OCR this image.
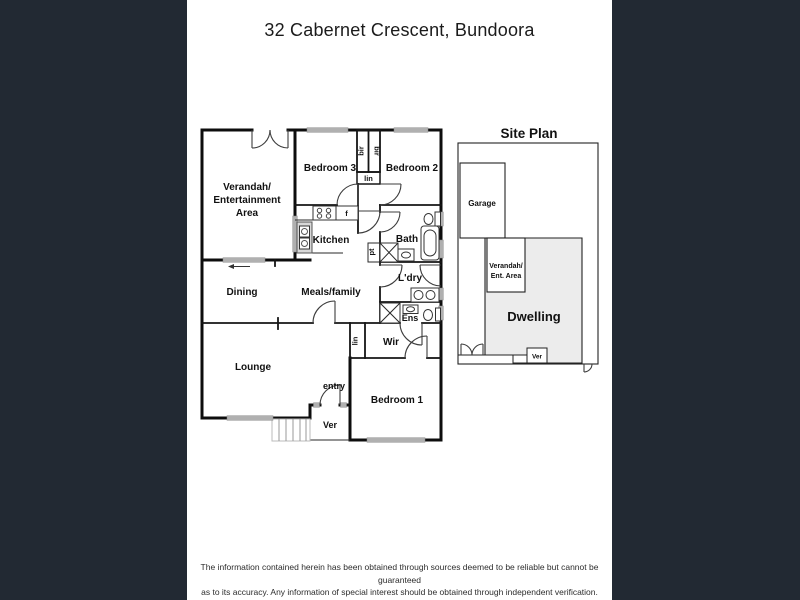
32 Cabernet Crescent, Bundoora
Verandah/
Entertainment
Area
Bedroom 3	Bedroom 2
bir bir
lin
Kitchen
f
Bath
pt
L'dry
Ens
Wir
lin
Dining	Meals/family
Lounge
entry
Ver
Bedroom 1
Site Plan
Garage
Verandah/
Ent. Area
Dwelling
Ver
The information contained herein has been obtained through sources deemed to be reliable but cannot be guaranteed
as to its accuracy. Any information of special interest should be obtained through independent verification.
